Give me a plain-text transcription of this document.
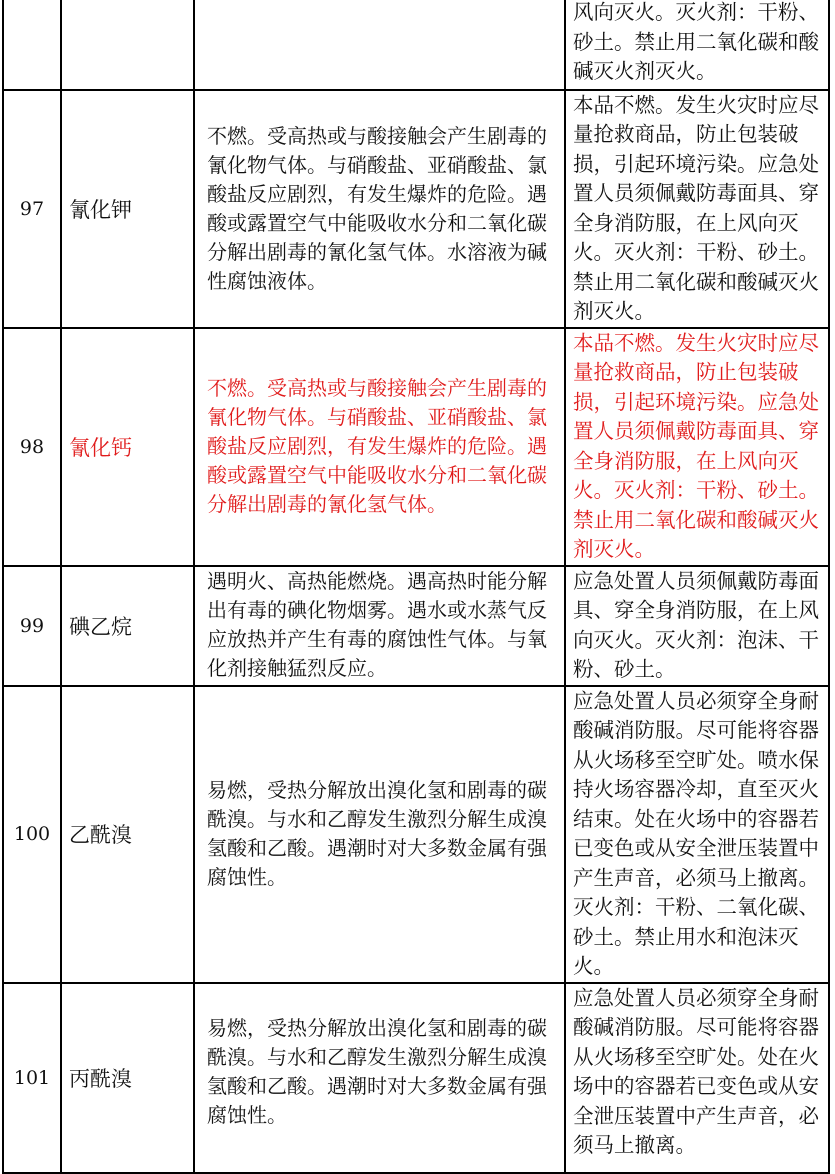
			风向灭火。灭火剂：干粉、砂土。禁止用二氧化碳和酸碱灭火剂灭火。
97	氰化钾	不燃。受高热或与酸接触会产生剧毒的氰化物气体。与硝酸盐、亚硝酸盐、氯酸盐反应剧烈，有发生爆炸的危险。遇酸或露置空气中能吸收水分和二氧化碳分解出剧毒的氰化氢气体。水溶液为碱性腐蚀液体。	本品不燃。发生火灾时应尽量抢救商品，防止包装破损，引起环境污染。应急处置人员须佩戴防毒面具、穿全身消防服，在上风向灭火。灭火剂：干粉、砂土。禁止用二氧化碳和酸碱灭火剂灭火。
98	氰化钙	不燃。受高热或与酸接触会产生剧毒的氰化物气体。与硝酸盐、亚硝酸盐、氯酸盐反应剧烈，有发生爆炸的危险。遇酸或露置空气中能吸收水分和二氧化碳分解出剧毒的氰化氢气体。	本品不燃。发生火灾时应尽量抢救商品，防止包装破损，引起环境污染。应急处置人员须佩戴防毒面具、穿全身消防服，在上风向灭火。灭火剂：干粉、砂土。禁止用二氧化碳和酸碱灭火剂灭火。
99	碘乙烷	遇明火、高热能燃烧。遇高热时能分解出有毒的碘化物烟雾。遇水或水蒸气反应放热并产生有毒的腐蚀性气体。与氧化剂接触猛烈反应。	应急处置人员须佩戴防毒面具、穿全身消防服，在上风向灭火。灭火剂：泡沫、干粉、砂土。
100	乙酰溴	易燃，受热分解放出溴化氢和剧毒的碳酰溴。与水和乙醇发生激烈分解生成溴氢酸和乙酸。遇潮时对大多数金属有强腐蚀性。	应急处置人员必须穿全身耐酸碱消防服。尽可能将容器从火场移至空旷处。喷水保持火场容器冷却，直至灭火结束。处在火场中的容器若已变色或从安全泄压装置中产生声音，必须马上撤离。灭火剂：干粉、二氧化碳、砂土。禁止用水和泡沫灭火。
101	丙酰溴	易燃，受热分解放出溴化氢和剧毒的碳酰溴。与水和乙醇发生激烈分解生成溴氢酸和乙酸。遇潮时对大多数金属有强腐蚀性。	应急处置人员必须穿全身耐酸碱消防服。尽可能将容器从火场移至空旷处。处在火场中的容器若已变色或从安全泄压装置中产生声音，必须马上撤离。
